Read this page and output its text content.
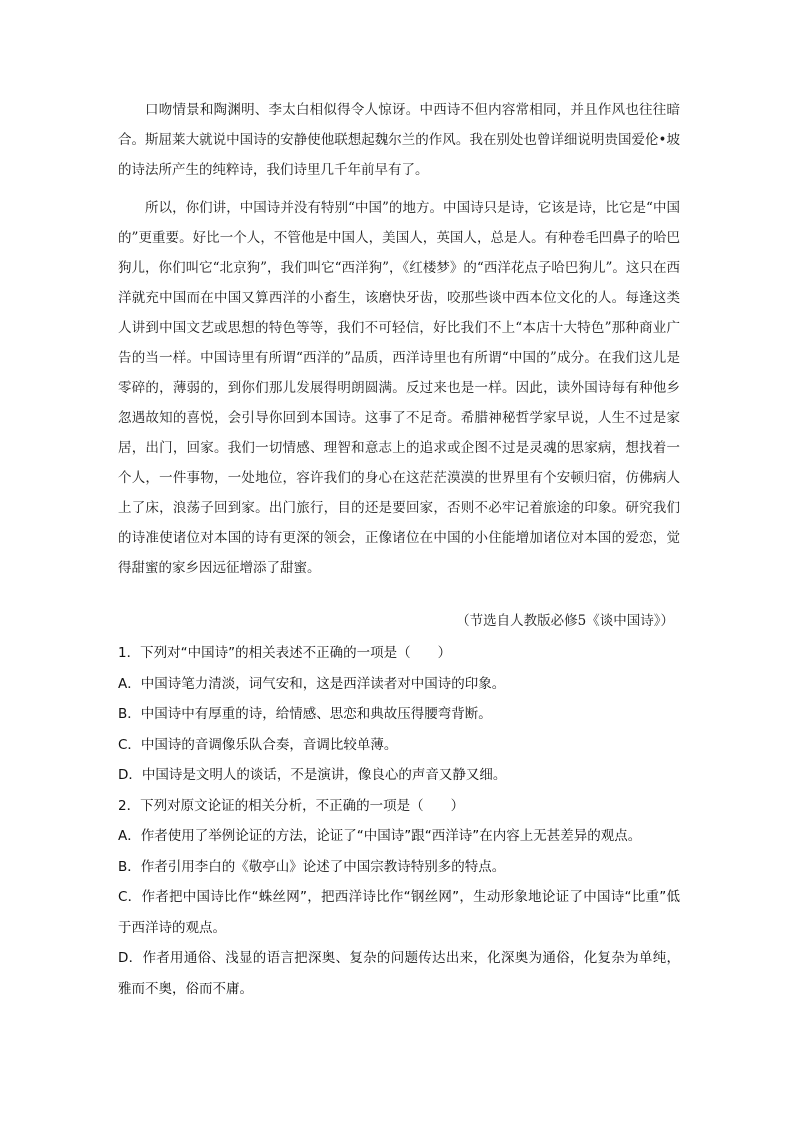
口吻情景和陶渊明、李太白相似得令人惊讶。中西诗不但内容常相同，并且作风也往往暗合。斯屈莱大就说中国诗的安静使他联想起魏尔兰的作风。我在别处也曾详细说明贵国爱伦•坡的诗法所产生的纯粹诗，我们诗里几千年前早有了。

所以，你们讲，中国诗并没有特别“中国”的地方。中国诗只是诗，它该是诗，比它是“中国的”更重要。好比一个人，不管他是中国人，美国人，英国人，总是人。有种卷毛凹鼻子的哈巴狗儿，你们叫它“北京狗”，我们叫它“西洋狗”，《红楼梦》的“西洋花点子哈巴狗儿”。这只在西洋就充中国而在中国又算西洋的小畜生，该磨快牙齿，咬那些谈中西本位文化的人。每逢这类人讲到中国文艺或思想的特色等等，我们不可轻信，好比我们不上“本店十大特色”那种商业广告的当一样。中国诗里有所谓“西洋的”品质，西洋诗里也有所谓“中国的”成分。在我们这儿是零碎的，薄弱的，到你们那儿发展得明朗圆满。反过来也是一样。因此，读外国诗每有种他乡忽遇故知的喜悦，会引导你回到本国诗。这事了不足奇。希腊神秘哲学家早说，人生不过是家居，出门，回家。我们一切情感、理智和意志上的追求或企图不过是灵魂的思家病，想找着一个人，一件事物，一处地位，容许我们的身心在这茫茫漠漠的世界里有个安顿归宿，仿佛病人上了床，浪荡子回到家。出门旅行，目的还是要回家，否则不必牢记着旅途的印象。研究我们的诗准使诸位对本国的诗有更深的领会，正像诸位在中国的小住能增加诸位对本国的爱恋，觉得甜蜜的家乡因远征增添了甜蜜。

（节选自人教版必修5《谈中国诗》）

1．下列对“中国诗”的相关表述不正确的一项是（　　）

A．中国诗笔力清淡，词气安和，这是西洋读者对中国诗的印象。

B．中国诗中有厚重的诗，给情感、思恋和典故压得腰弯背断。

C．中国诗的音调像乐队合奏，音调比较单薄。

D．中国诗是文明人的谈话，不是演讲，像良心的声音又静又细。

2．下列对原文论证的相关分析，不正确的一项是（　　）

A．作者使用了举例论证的方法，论证了“中国诗”跟“西洋诗”在内容上无甚差异的观点。

B．作者引用李白的《敬亭山》论述了中国宗教诗特别多的特点。

C．作者把中国诗比作“蛛丝网”，把西洋诗比作“钢丝网”，生动形象地论证了中国诗“比重”低于西洋诗的观点。

D．作者用通俗、浅显的语言把深奥、复杂的问题传达出来，化深奥为通俗，化复杂为单纯，雅而不奥，俗而不庸。
